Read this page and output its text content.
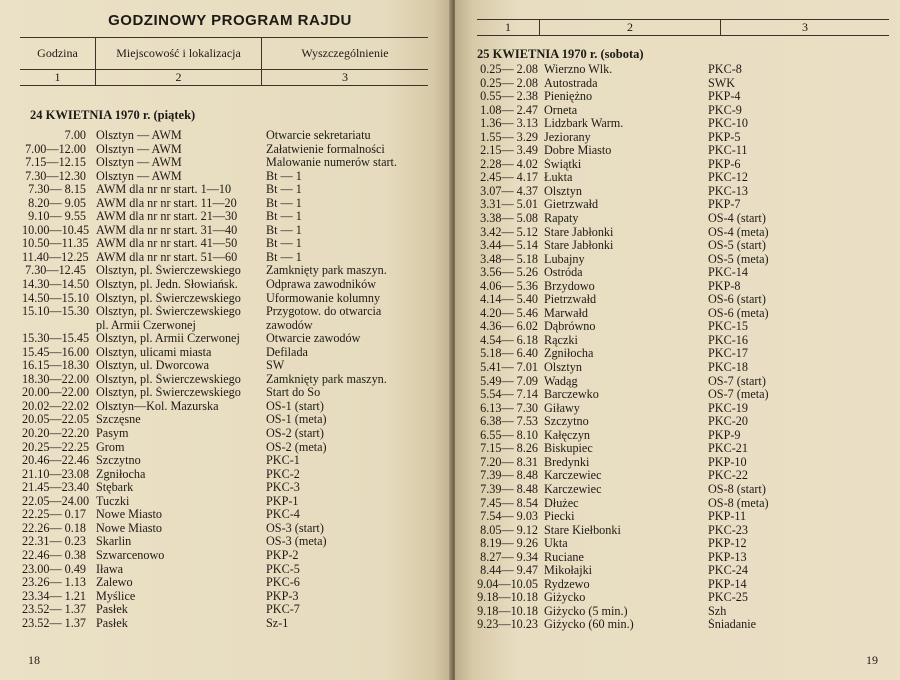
GODZINOWY PROGRAM RAJDU
Godzina	Miejscowość i lokalizacja	Wyszczególnienie
1	2	3
24 KWIETNIA 1970 r. (piątek)
7.00 Olsztyn — AWM	Otwarcie sekretariatu
7.00—12.00 Olsztyn — AWM	Załatwienie formalności
7.15—12.15 Olsztyn — AWM	Malowanie numerów start.
7.30—12.30 Olsztyn — AWM	Bt — 1
7.30— 8.15 AWM dla nr nr start. 1—10	Bt — 1
8.20— 9.05 AWM dla nr nr start. 11—20	Bt — 1
9.10— 9.55 AWM dla nr nr start. 21—30	Bt — 1
10.00—10.45 AWM dla nr nr start. 31—40	Bt — 1
10.50—11.35 AWM dla nr nr start. 41—50	Bt — 1
11.40—12.25 AWM dla nr nr start. 51—60	Bt — 1
7.30—12.45 Olsztyn, pl. Świerczewskiego	Zamknięty park maszyn.
14.30—14.50 Olsztyn, pl. Jedn. Słowiańsk.	Odprawa zawodników
14.50—15.10 Olsztyn, pl. Świerczewskiego	Uformowanie kolumny
15.10—15.30 Olsztyn, pl. Świerczewskiego	Przygotow. do otwarcia
pl. Armii Czerwonej	zawodów
15.30—15.45 Olsztyn, pl. Armii Czerwonej	Otwarcie zawodów
15.45—16.00 Olsztyn, ulicami miasta	Defilada
16.15—18.30 Olsztyn, ul. Dworcowa	SW
18.30—22.00 Olsztyn, pl. Świerczewskiego	Zamknięty park maszyn.
20.00—22.00 Olsztyn, pl. Świerczewskiego	Start do So
20.02—22.02 Olsztyn—Kol. Mazurska	OS-1 (start)
20.05—22.05 Szczęsne	OS-1 (meta)
20.20—22.20 Pasym	OS-2 (start)
20.25—22.25 Grom	OS-2 (meta)
20.46—22.46 Szczytno	PKC-1
21.10—23.08 Zgniłocha	PKC-2
21.45—23.40 Stębark	PKC-3
22.05—24.00 Tuczki	PKP-1
22.25— 0.17 Nowe Miasto	PKC-4
22.26— 0.18 Nowe Miasto	OS-3 (start)
22.31— 0.23 Skarlin	OS-3 (meta)
22.46— 0.38 Szwarcenowo	PKP-2
23.00— 0.49 Iława	PKC-5
23.26— 1.13 Zalewo	PKC-6
23.34— 1.21 Myślice	PKP-3
23.52— 1.37 Pasłek	PKC-7
23.52— 1.37 Pasłek	Sz-1
18
1	2	3
25 KWIETNIA 1970 r. (sobota)
0.25— 2.08 Wierzno Wlk.	PKC-8
0.25— 2.08 Autostrada	SWK
0.55— 2.38 Pieniężno	PKP-4
1.08— 2.47 Orneta	PKC-9
1.36— 3.13 Lidzbark Warm.	PKC-10
1.55— 3.29 Jeziorany	PKP-5
2.15— 3.49 Dobre Miasto	PKC-11
2.28— 4.02 Świątki	PKP-6
2.45— 4.17 Łukta	PKC-12
3.07— 4.37 Olsztyn	PKC-13
3.31— 5.01 Gietrzwałd	PKP-7
3.38— 5.08 Rapaty	OS-4 (start)
3.42— 5.12 Stare Jabłonki	OS-4 (meta)
3.44— 5.14 Stare Jabłonki	OS-5 (start)
3.48— 5.18 Lubajny	OS-5 (meta)
3.56— 5.26 Ostróda	PKC-14
4.06— 5.36 Brzydowo	PKP-8
4.14— 5.40 Pietrzwałd	OS-6 (start)
4.20— 5.46 Marwałd	OS-6 (meta)
4.36— 6.02 Dąbrówno	PKC-15
4.54— 6.18 Rączki	PKC-16
5.18— 6.40 Zgniłocha	PKC-17
5.41— 7.01 Olsztyn	PKC-18
5.49— 7.09 Wadąg	OS-7 (start)
5.54— 7.14 Barczewko	OS-7 (meta)
6.13— 7.30 Giławy	PKC-19
6.38— 7.53 Szczytno	PKC-20
6.55— 8.10 Kałęczyn	PKP-9
7.15— 8.26 Biskupiec	PKC-21
7.20— 8.31 Bredynki	PKP-10
7.39— 8.48 Karczewiec	PKC-22
7.39— 8.48 Karczewiec	OS-8 (start)
7.45— 8.54 Dłużec	OS-8 (meta)
7.54— 9.03 Piecki	PKP-11
8.05— 9.12 Stare Kiełbonki	PKC-23
8.19— 9.26 Ukta	PKP-12
8.27— 9.34 Ruciane	PKP-13
8.44— 9.47 Mikołajki	PKC-24
9.04—10.05 Rydzewo	PKP-14
9.18—10.18 Giżycko	PKC-25
9.18—10.18 Giżycko (5 min.)	Szh
9.23—10.23 Giżycko (60 min.)	Śniadanie
19
